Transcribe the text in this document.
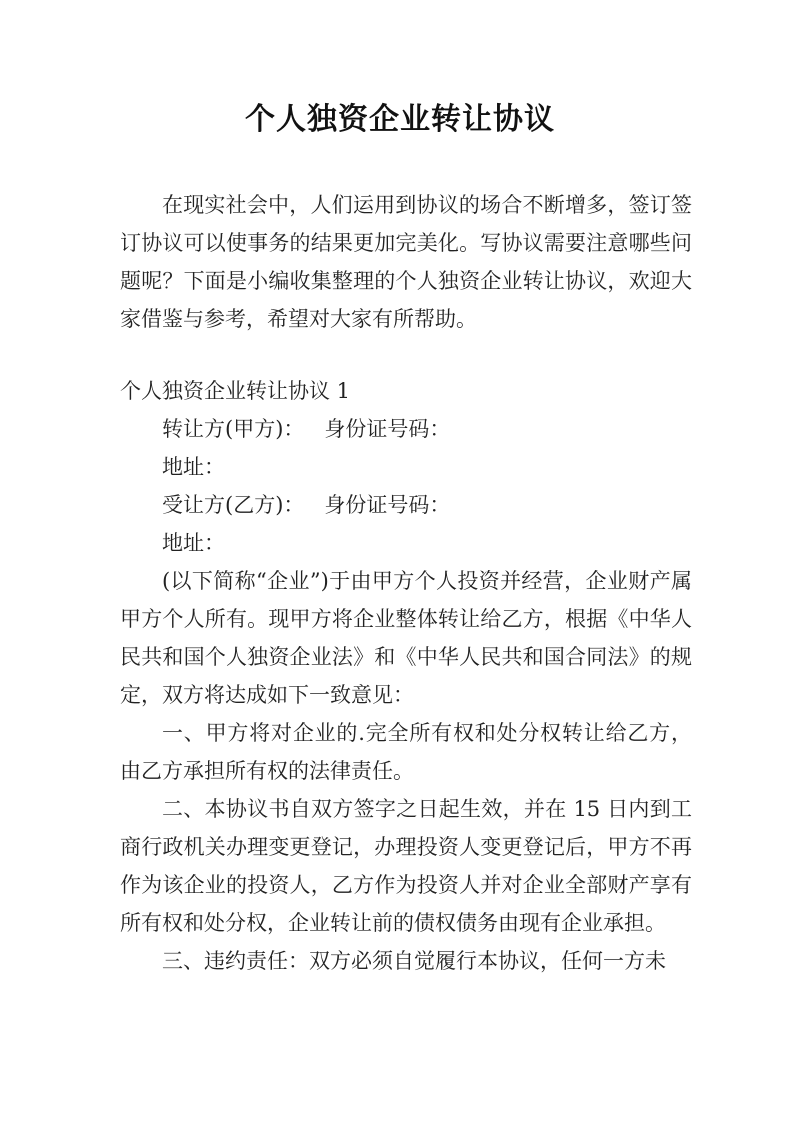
个人独资企业转让协议

在现实社会中，人们运用到协议的场合不断增多，签订签订协议可以使事务的结果更加完美化。写协议需要注意哪些问题呢？下面是小编收集整理的个人独资企业转让协议，欢迎大家借鉴与参考，希望对大家有所帮助。

个人独资企业转让协议 1

转让方(甲方)： 身份证号码：

地址：

受让方(乙方)： 身份证号码：

地址：

(以下简称“企业”)于由甲方个人投资并经营，企业财产属甲方个人所有。现甲方将企业整体转让给乙方，根据《中华人民共和国个人独资企业法》和《中华人民共和国合同法》的规定，双方将达成如下一致意见：

一、甲方将对企业的.完全所有权和处分权转让给乙方，由乙方承担所有权的法律责任。

二、本协议书自双方签字之日起生效，并在 15 日内到工商行政机关办理变更登记，办理投资人变更登记后，甲方不再作为该企业的投资人，乙方作为投资人并对企业全部财产享有所有权和处分权，企业转让前的债权债务由现有企业承担。

三、违约责任：双方必须自觉履行本协议，任何一方未
